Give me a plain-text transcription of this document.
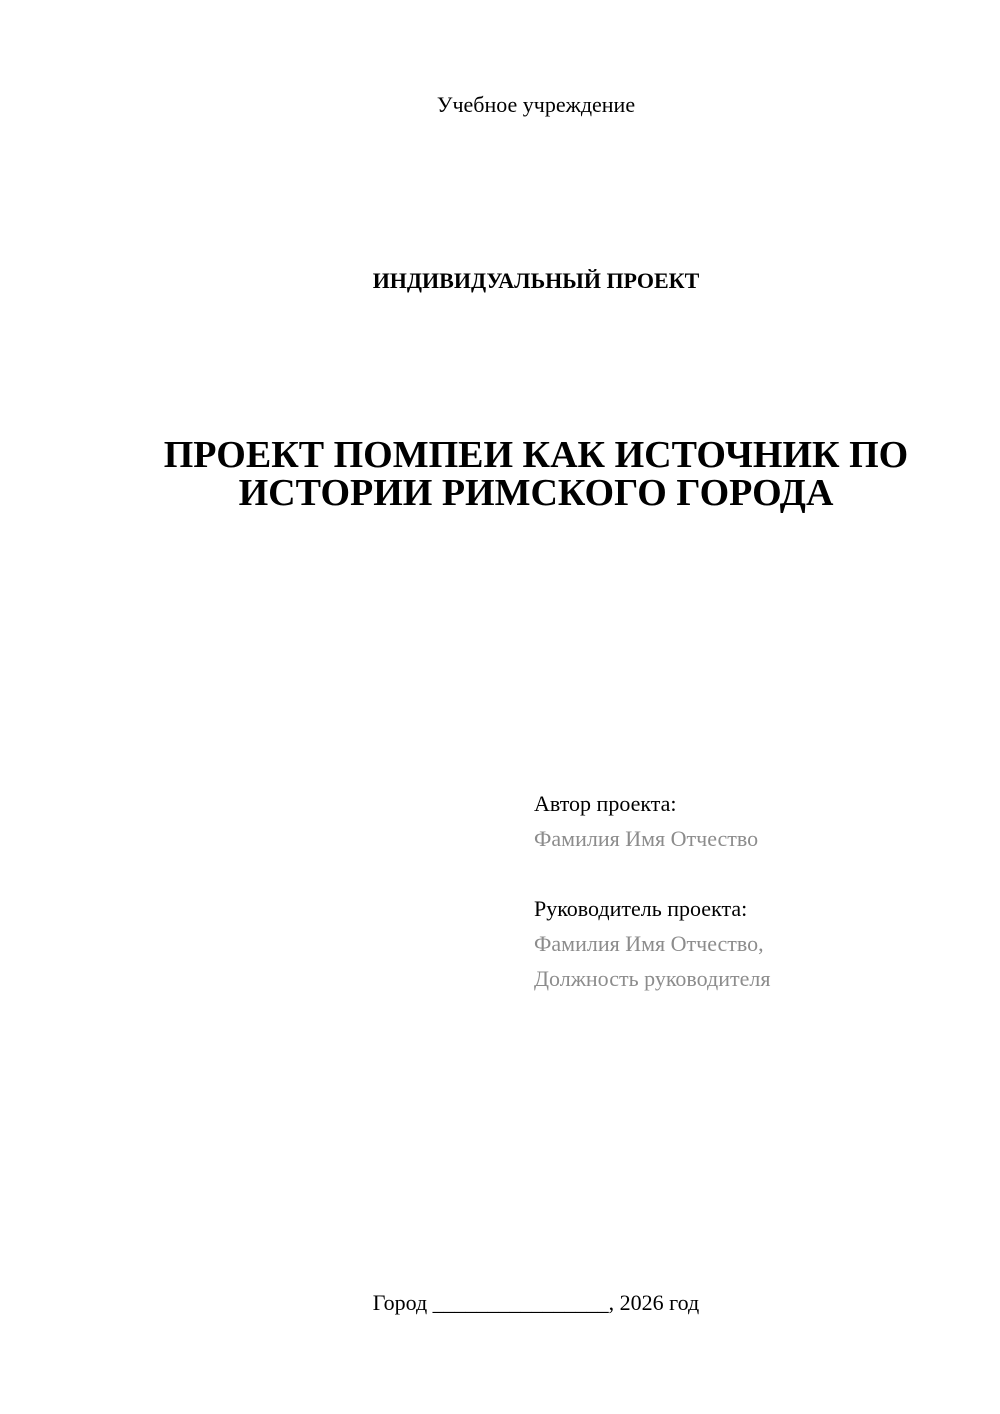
Учебное учреждение
ИНДИВИДУАЛЬНЫЙ ПРОЕКТ
ПРОЕКТ ПОМПЕИ КАК ИСТОЧНИК ПО
ИСТОРИИ РИМСКОГО ГОРОДА
Автор проекта:
Фамилия Имя Отчество
Руководитель проекта:
Фамилия Имя Отчество,
Должность руководителя
Город ________________, 2026 год
